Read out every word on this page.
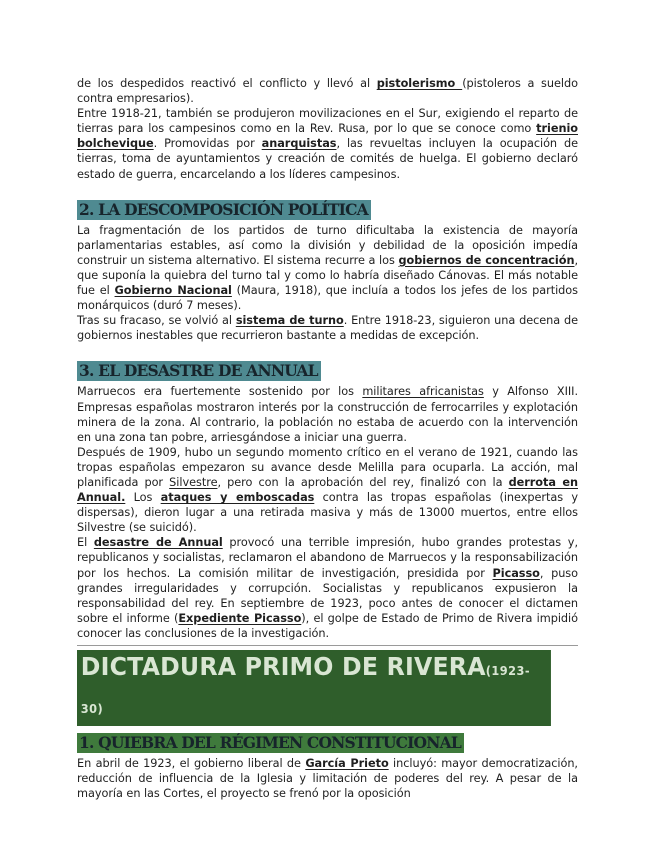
de los despedidos reactivó el conflicto y llevó al pistolerismo (pistoleros a sueldo contra empresarios).

Entre 1918-21, también se produjeron movilizaciones en el Sur, exigiendo el reparto de tierras para los campesinos como en la Rev. Rusa, por lo que se conoce como trienio bolchevique. Promovidas por anarquistas, las revueltas incluyen la ocupación de tierras, toma de ayuntamientos y creación de comités de huelga. El gobierno declaró estado de guerra, encarcelando a los líderes campesinos.

2. LA DESCOMPOSICIÓN POLÍTICA

La fragmentación de los partidos de turno dificultaba la existencia de mayoría parlamentarias estables, así como la división y debilidad de la oposición impedía construir un sistema alternativo. El sistema recurre a los gobiernos de concentración, que suponía la quiebra del turno tal y como lo habría diseñado Cánovas. El más notable fue el Gobierno Nacional (Maura, 1918), que incluía a todos los jefes de los partidos monárquicos (duró 7 meses).

Tras su fracaso, se volvió al sistema de turno. Entre 1918-23, siguieron una decena de gobiernos inestables que recurrieron bastante a medidas de excepción.

3. EL DESASTRE DE ANNUAL

Marruecos era fuertemente sostenido por los militares africanistas y Alfonso XIII. Empresas españolas mostraron interés por la construcción de ferrocarriles y explotación minera de la zona. Al contrario, la población no estaba de acuerdo con la intervención en una zona tan pobre, arriesgándose a iniciar una guerra.

Después de 1909, hubo un segundo momento crítico en el verano de 1921, cuando las tropas españolas empezaron su avance desde Melilla para ocuparla. La acción, mal planificada por Silvestre, pero con la aprobación del rey, finalizó con la derrota en Annual. Los ataques y emboscadas contra las tropas españolas (inexpertas y dispersas), dieron lugar a una retirada masiva y más de 13000 muertos, entre ellos Silvestre (se suicidó).

El desastre de Annual provocó una terrible impresión, hubo grandes protestas y, republicanos y socialistas, reclamaron el abandono de Marruecos y la responsabilización por los hechos. La comisión militar de investigación, presidida por Picasso, puso grandes irregularidades y corrupción. Socialistas y republicanos expusieron la responsabilidad del rey. En septiembre de 1923, poco antes de conocer el dictamen sobre el informe (Expediente Picasso), el golpe de Estado de Primo de Rivera impidió conocer las conclusiones de la investigación.

DICTADURA PRIMO DE RIVERA(1923-30)
1. QUIEBRA DEL RÉGIMEN CONSTITUCIONAL

En abril de 1923, el gobierno liberal de García Prieto incluyó: mayor democratización, reducción de influencia de la Iglesia y limitación de poderes del rey. A pesar de la mayoría en las Cortes, el proyecto se frenó por la oposición
